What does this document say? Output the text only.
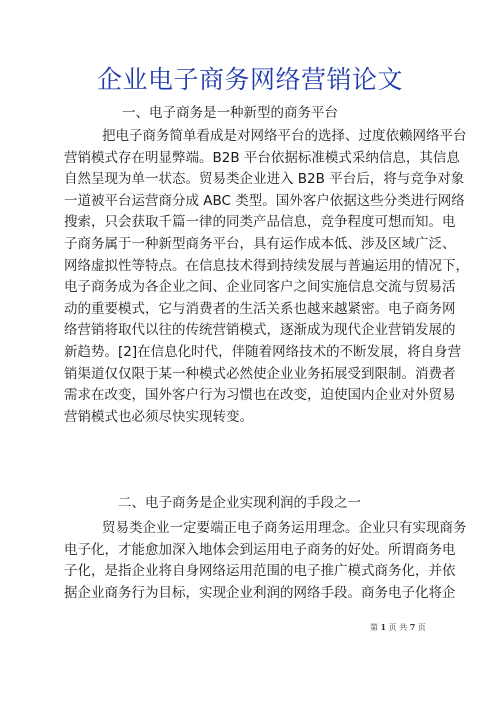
企业电子商务网络营销论文
一、电子商务是一种新型的商务平台
把电子商务简单看成是对网络平台的选择、过度依赖网络平台
营销模式存在明显弊端。B2B 平台依据标准模式采纳信息，其信息
自然呈现为单一状态。贸易类企业进入 B2B 平台后，将与竞争对象
一道被平台运营商分成 ABC 类型。国外客户依据这些分类进行网络
搜索，只会获取千篇一律的同类产品信息，竞争程度可想而知。电
子商务属于一种新型商务平台，具有运作成本低、涉及区域广泛、
网络虚拟性等特点。在信息技术得到持续发展与普遍运用的情况下，
电子商务成为各企业之间、企业同客户之间实施信息交流与贸易活
动的重要模式，它与消费者的生活关系也越来越紧密。电子商务网
络营销将取代以往的传统营销模式，逐渐成为现代企业营销发展的
新趋势。[2]在信息化时代，伴随着网络技术的不断发展，将自身营
销渠道仅仅限于某一种模式必然使企业业务拓展受到限制。消费者
需求在改变，国外客户行为习惯也在改变，迫使国内企业对外贸易
营销模式也必须尽快实现转变。
二、电子商务是企业实现利润的手段之一
贸易类企业一定要端正电子商务运用理念。企业只有实现商务
电子化，才能愈加深入地体会到运用电子商务的好处。所谓商务电
子化，是指企业将自身网络运用范围的电子推广模式商务化，并依
据企业商务行为目标，实现企业利润的网络手段。商务电子化将企
第 1 页 共 7 页
